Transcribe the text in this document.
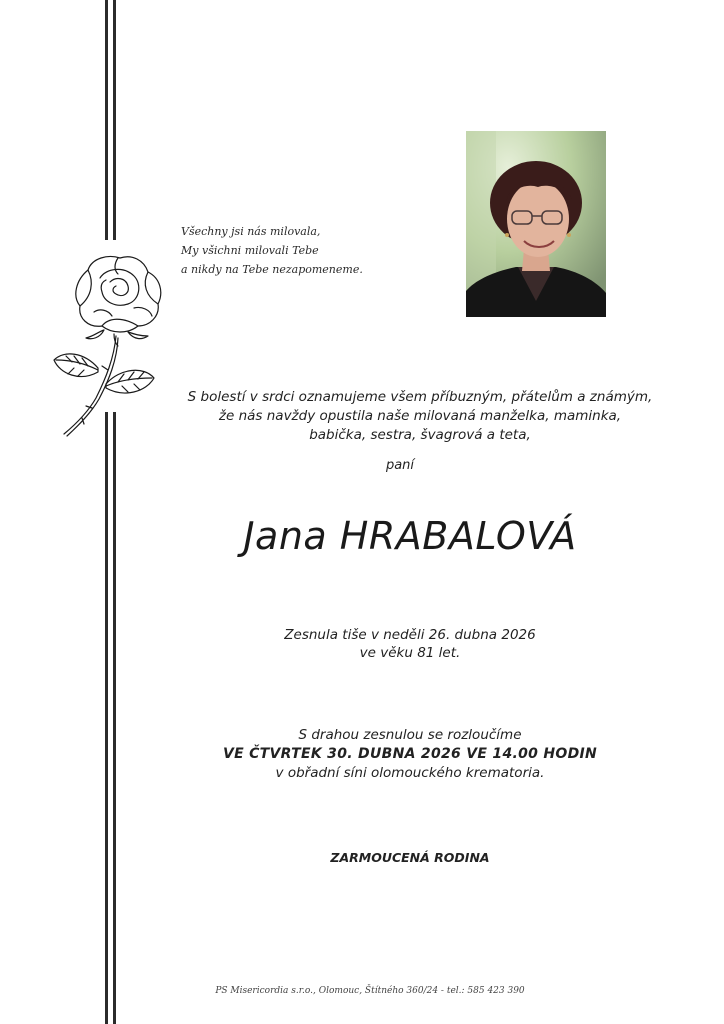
Všechny jsi nás milovala,
My všichni milovali Tebe
a nikdy na Tebe nezapomeneme.
S bolestí v srdci oznamujeme všem příbuzným, přátelům a známým,
že nás navždy opustila naše milovaná manželka, maminka,
babička, sestra, švagrová a teta,
paní
Jana HRABALOVÁ
Zesnula tiše v neděli 26. dubna 2026
ve věku 81 let.
S drahou zesnulou se rozloučíme
VE ČTVRTEK 30. DUBNA 2026 VE 14.00 HODIN
v obřadní síni olomouckého krematoria.
ZARMOUCENÁ RODINA
PS Misericordia s.r.o., Olomouc, Štítného 360/24 - tel.: 585 423 390
